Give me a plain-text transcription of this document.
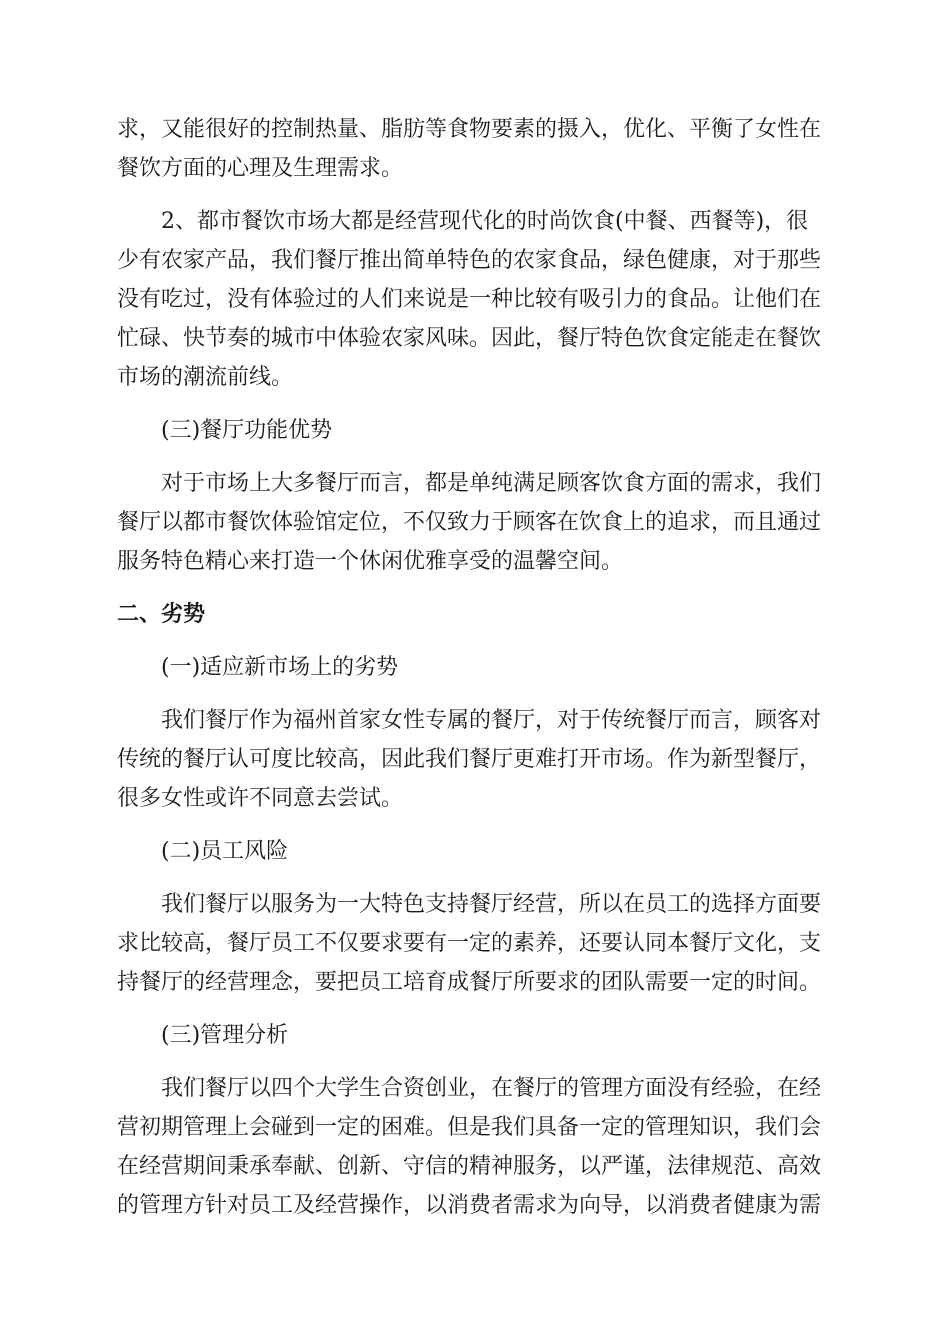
求，又能很好的控制热量、脂肪等食物要素的摄入，优化、平衡了女性在
餐饮方面的心理及生理需求。

2、都市餐饮市场大都是经营现代化的时尚饮食(中餐、西餐等)，很
少有农家产品，我们餐厅推出简单特色的农家食品，绿色健康，对于那些
没有吃过，没有体验过的人们来说是一种比较有吸引力的食品。让他们在
忙碌、快节奏的城市中体验农家风味。因此，餐厅特色饮食定能走在餐饮
市场的潮流前线。

(三)餐厅功能优势

对于市场上大多餐厅而言，都是单纯满足顾客饮食方面的需求，我们
餐厅以都市餐饮体验馆定位，不仅致力于顾客在饮食上的追求，而且通过
服务特色精心来打造一个休闲优雅享受的温馨空间。

二、劣势

(一)适应新市场上的劣势

我们餐厅作为福州首家女性专属的餐厅，对于传统餐厅而言，顾客对
传统的餐厅认可度比较高，因此我们餐厅更难打开市场。作为新型餐厅，
很多女性或许不同意去尝试。

(二)员工风险

我们餐厅以服务为一大特色支持餐厅经营，所以在员工的选择方面要
求比较高，餐厅员工不仅要求要有一定的素养，还要认同本餐厅文化，支
持餐厅的经营理念，要把员工培育成餐厅所要求的团队需要一定的时间。

(三)管理分析

我们餐厅以四个大学生合资创业，在餐厅的管理方面没有经验，在经
营初期管理上会碰到一定的困难。但是我们具备一定的管理知识，我们会
在经营期间秉承奉献、创新、守信的精神服务，以严谨，法律规范、高效
的管理方针对员工及经营操作，以消费者需求为向导，以消费者健康为需
